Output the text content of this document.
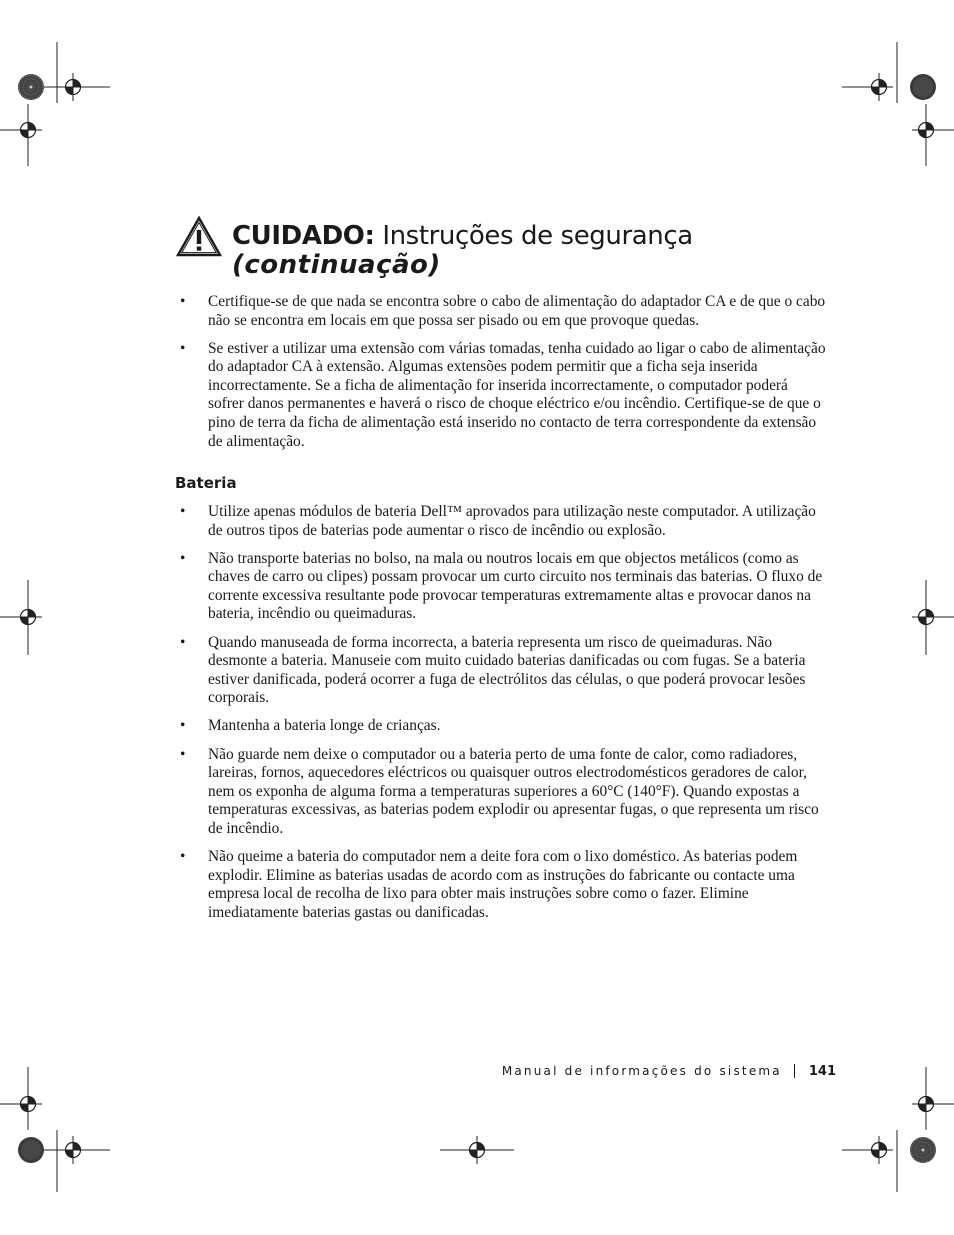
CUIDADO: Instruções de segurança
(continuação)
• Certifique-se de que nada se encontra sobre o cabo de alimentação do adaptador CA e de que o cabo não se encontra em locais em que possa ser pisado ou em que provoque quedas.
• Se estiver a utilizar uma extensão com várias tomadas, tenha cuidado ao ligar o cabo de alimentação do adaptador CA à extensão. Algumas extensões podem permitir que a ficha seja inserida incorrectamente. Se a ficha de alimentação for inserida incorrectamente, o computador poderá sofrer danos permanentes e haverá o risco de choque eléctrico e/ou incêndio. Certifique-se de que o pino de terra da ficha de alimentação está inserido no contacto de terra correspondente da extensão de alimentação.
Bateria
• Utilize apenas módulos de bateria Dell™ aprovados para utilização neste computador. A utilização de outros tipos de baterias pode aumentar o risco de incêndio ou explosão.
• Não transporte baterias no bolso, na mala ou noutros locais em que objectos metálicos (como as chaves de carro ou clipes) possam provocar um curto circuito nos terminais das baterias. O fluxo de corrente excessiva resultante pode provocar temperaturas extremamente altas e provocar danos na bateria, incêndio ou queimaduras.
• Quando manuseada de forma incorrecta, a bateria representa um risco de queimaduras. Não desmonte a bateria. Manuseie com muito cuidado baterias danificadas ou com fugas. Se a bateria estiver danificada, poderá ocorrer a fuga de electrólitos das células, o que poderá provocar lesões corporais.
• Mantenha a bateria longe de crianças.
• Não guarde nem deixe o computador ou a bateria perto de uma fonte de calor, como radiadores, lareiras, fornos, aquecedores eléctricos ou quaisquer outros electrodomésticos geradores de calor, nem os exponha de alguma forma a temperaturas superiores a 60°C (140°F). Quando expostas a temperaturas excessivas, as baterias podem explodir ou apresentar fugas, o que representa um risco de incêndio.
• Não queime a bateria do computador nem a deite fora com o lixo doméstico. As baterias podem explodir. Elimine as baterias usadas de acordo com as instruções do fabricante ou contacte uma empresa local de recolha de lixo para obter mais instruções sobre como o fazer. Elimine imediatamente baterias gastas ou danificadas.
Manual de informações do sistema 141
